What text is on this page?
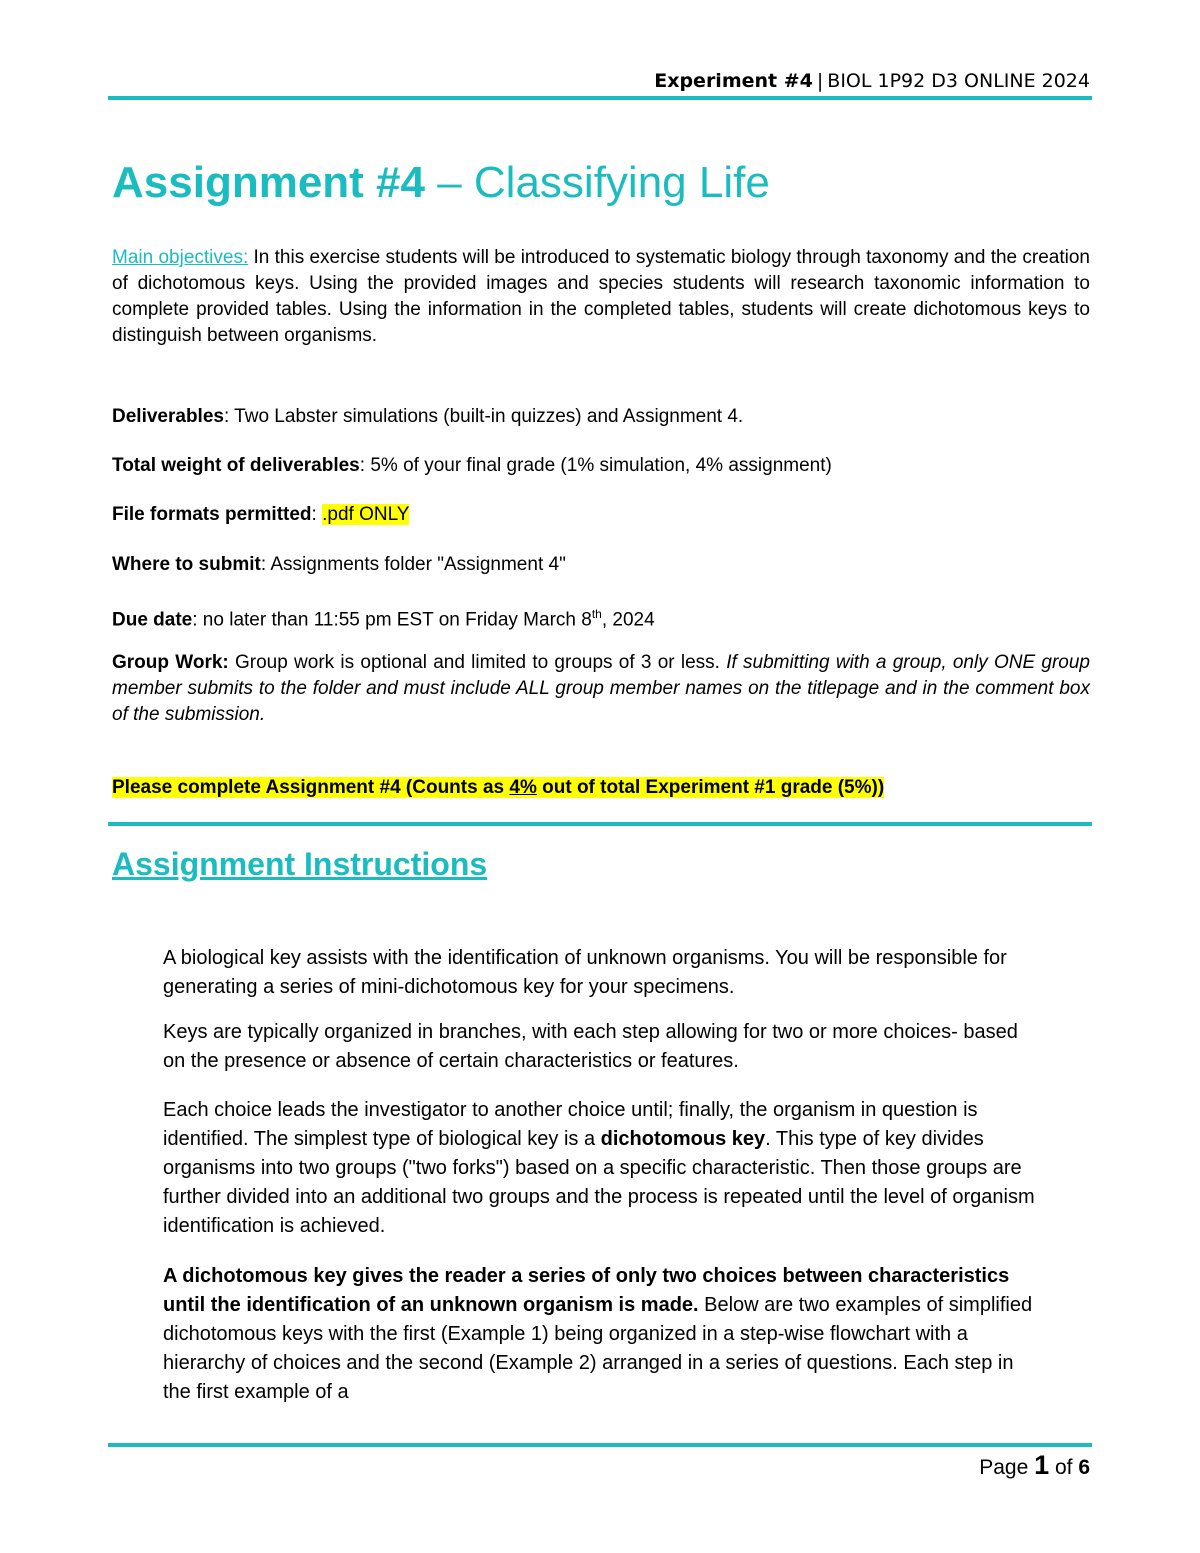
Experiment #4 | BIOL 1P92 D3 ONLINE 2024
Assignment #4 – Classifying Life
Main objectives: In this exercise students will be introduced to systematic biology through taxonomy and the creation of dichotomous keys. Using the provided images and species students will research taxonomic information to complete provided tables. Using the information in the completed tables, students will create dichotomous keys to distinguish between organisms.
Deliverables: Two Labster simulations (built-in quizzes) and Assignment 4.
Total weight of deliverables: 5% of your final grade (1% simulation, 4% assignment)
File formats permitted: .pdf ONLY
Where to submit: Assignments folder "Assignment 4"
Due date: no later than 11:55 pm EST on Friday March 8th, 2024
Group Work: Group work is optional and limited to groups of 3 or less. If submitting with a group, only ONE group member submits to the folder and must include ALL group member names on the titlepage and in the comment box of the submission.
Please complete Assignment #4 (Counts as 4% out of total Experiment #1 grade (5%))
Assignment Instructions
A biological key assists with the identification of unknown organisms. You will be responsible for generating a series of mini-dichotomous key for your specimens.
Keys are typically organized in branches, with each step allowing for two or more choices- based on the presence or absence of certain characteristics or features.
Each choice leads the investigator to another choice until; finally, the organism in question is identified. The simplest type of biological key is a dichotomous key. This type of key divides organisms into two groups ("two forks") based on a specific characteristic. Then those groups are further divided into an additional two groups and the process is repeated until the level of organism identification is achieved.
A dichotomous key gives the reader a series of only two choices between characteristics until the identification of an unknown organism is made. Below are two examples of simplified dichotomous keys with the first (Example 1) being organized in a step-wise flowchart with a hierarchy of choices and the second (Example 2) arranged in a series of questions. Each step in the first example of a
Page 1 of 6
